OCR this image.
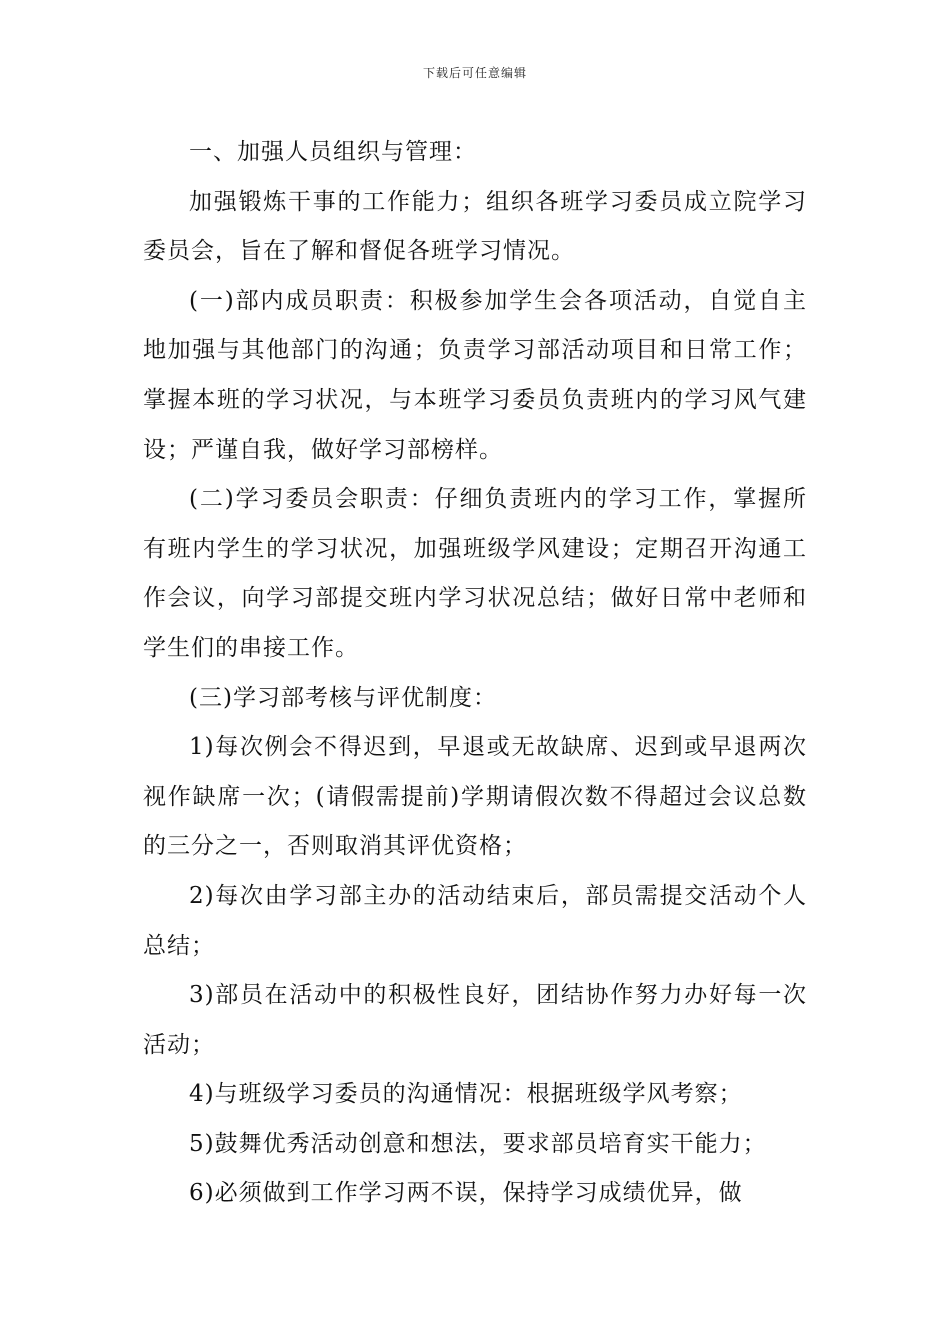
下载后可任意编辑

一、加强人员组织与管理：

加强锻炼干事的工作能力；组织各班学习委员成立院学习委员会，旨在了解和督促各班学习情况。

(一)部内成员职责：积极参加学生会各项活动，自觉自主地加强与其他部门的沟通；负责学习部活动项目和日常工作；掌握本班的学习状况，与本班学习委员负责班内的学习风气建设；严谨自我，做好学习部榜样。

(二)学习委员会职责：仔细负责班内的学习工作，掌握所有班内学生的学习状况，加强班级学风建设；定期召开沟通工作会议，向学习部提交班内学习状况总结；做好日常中老师和学生们的串接工作。

(三)学习部考核与评优制度：

1)每次例会不得迟到，早退或无故缺席、迟到或早退两次视作缺席一次；(请假需提前)学期请假次数不得超过会议总数的三分之一，否则取消其评优资格；

2)每次由学习部主办的活动结束后，部员需提交活动个人总结；

3)部员在活动中的积极性良好，团结协作努力办好每一次活动；

4)与班级学习委员的沟通情况：根据班级学风考察；

5)鼓舞优秀活动创意和想法，要求部员培育实干能力；

6)必须做到工作学习两不误，保持学习成绩优异，做
